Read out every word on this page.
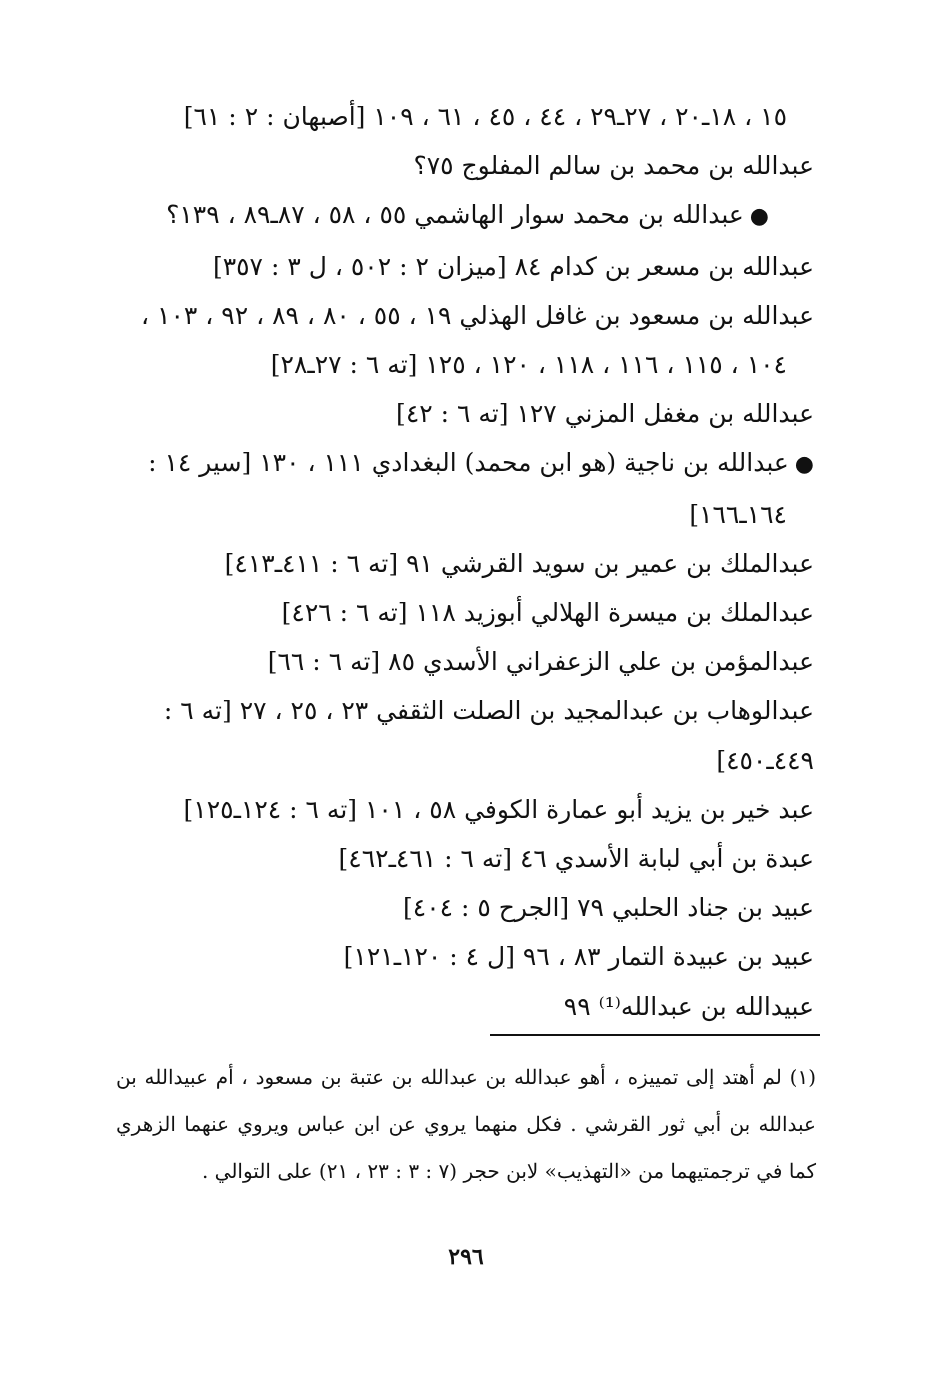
١٥ ، ١٨ـ٢٠ ، ٢٧ـ٢٩ ، ٤٤ ، ٤٥ ، ٦١ ، ١٠٩ [أصبهان : ٢ : ٦١]
عبدالله بن محمد بن سالم المفلوج ٧٥؟
●عبدالله بن محمد سوار الهاشمي ٥٥ ، ٥٨ ، ٨٧ـ٨٩ ، ١٣٩؟
عبدالله بن مسعر بن كدام ٨٤ [ميزان ٢ : ٥٠٢ ، ل ٣ : ٣٥٧]
عبدالله بن مسعود بن غافل الهذلي ١٩ ، ٥٥ ، ٨٠ ، ٨٩ ، ٩٢ ، ١٠٣ ،
١٠٤ ، ١١٥ ، ١١٦ ، ١١٨ ، ١٢٠ ، ١٢٥ [ته ٦ : ٢٧ـ٢٨]
عبدالله بن مغفل المزني ١٢٧ [ته ٦ : ٤٢]
●عبدالله بن ناجية (هو ابن محمد) البغدادي ١١١ ، ١٣٠ [سير ١٤ :
١٦٤ـ١٦٦]
عبدالملك بن عمير بن سويد القرشي ٩١ [ته ٦ : ٤١١ـ٤١٣]
عبدالملك بن ميسرة الهلالي أبوزيد ١١٨ [ته ٦ : ٤٢٦]
عبدالمؤمن بن علي الزعفراني الأسدي ٨٥ [ته ٦ : ٦٦]
عبدالوهاب بن عبدالمجيد بن الصلت الثقفي ٢٣ ، ٢٥ ، ٢٧ [ته ٦ :
٤٤٩ـ٤٥٠]
عبد خير بن يزيد أبو عمارة الكوفي ٥٨ ، ١٠١ [ته ٦ : ١٢٤ـ١٢٥]
عبدة بن أبي لبابة الأسدي ٤٦ [ته ٦ : ٤٦١ـ٤٦٢]
عبيد بن جناد الحلبي ٧٩ [الجرح ٥ : ٤٠٤]
عبيد بن عبيدة التمار ٨٣ ، ٩٦ [ل ٤ : ١٢٠ـ١٢١]
عبيدالله بن عبدالله⁽¹⁾ ٩٩
(١) لم أهتد إلى تمييزه ، أهو عبدالله بن عبدالله بن عتبة بن مسعود ، أم عبيدالله بن
عبدالله بن أبي ثور القرشي . فكل منهما يروي عن ابن عباس ويروي عنهما الزهري
كما في ترجمتيهما من «التهذيب» لابن حجر (٧ : ٣ : ٢٣ ، ٢١) على التوالي .
٢٩٦
